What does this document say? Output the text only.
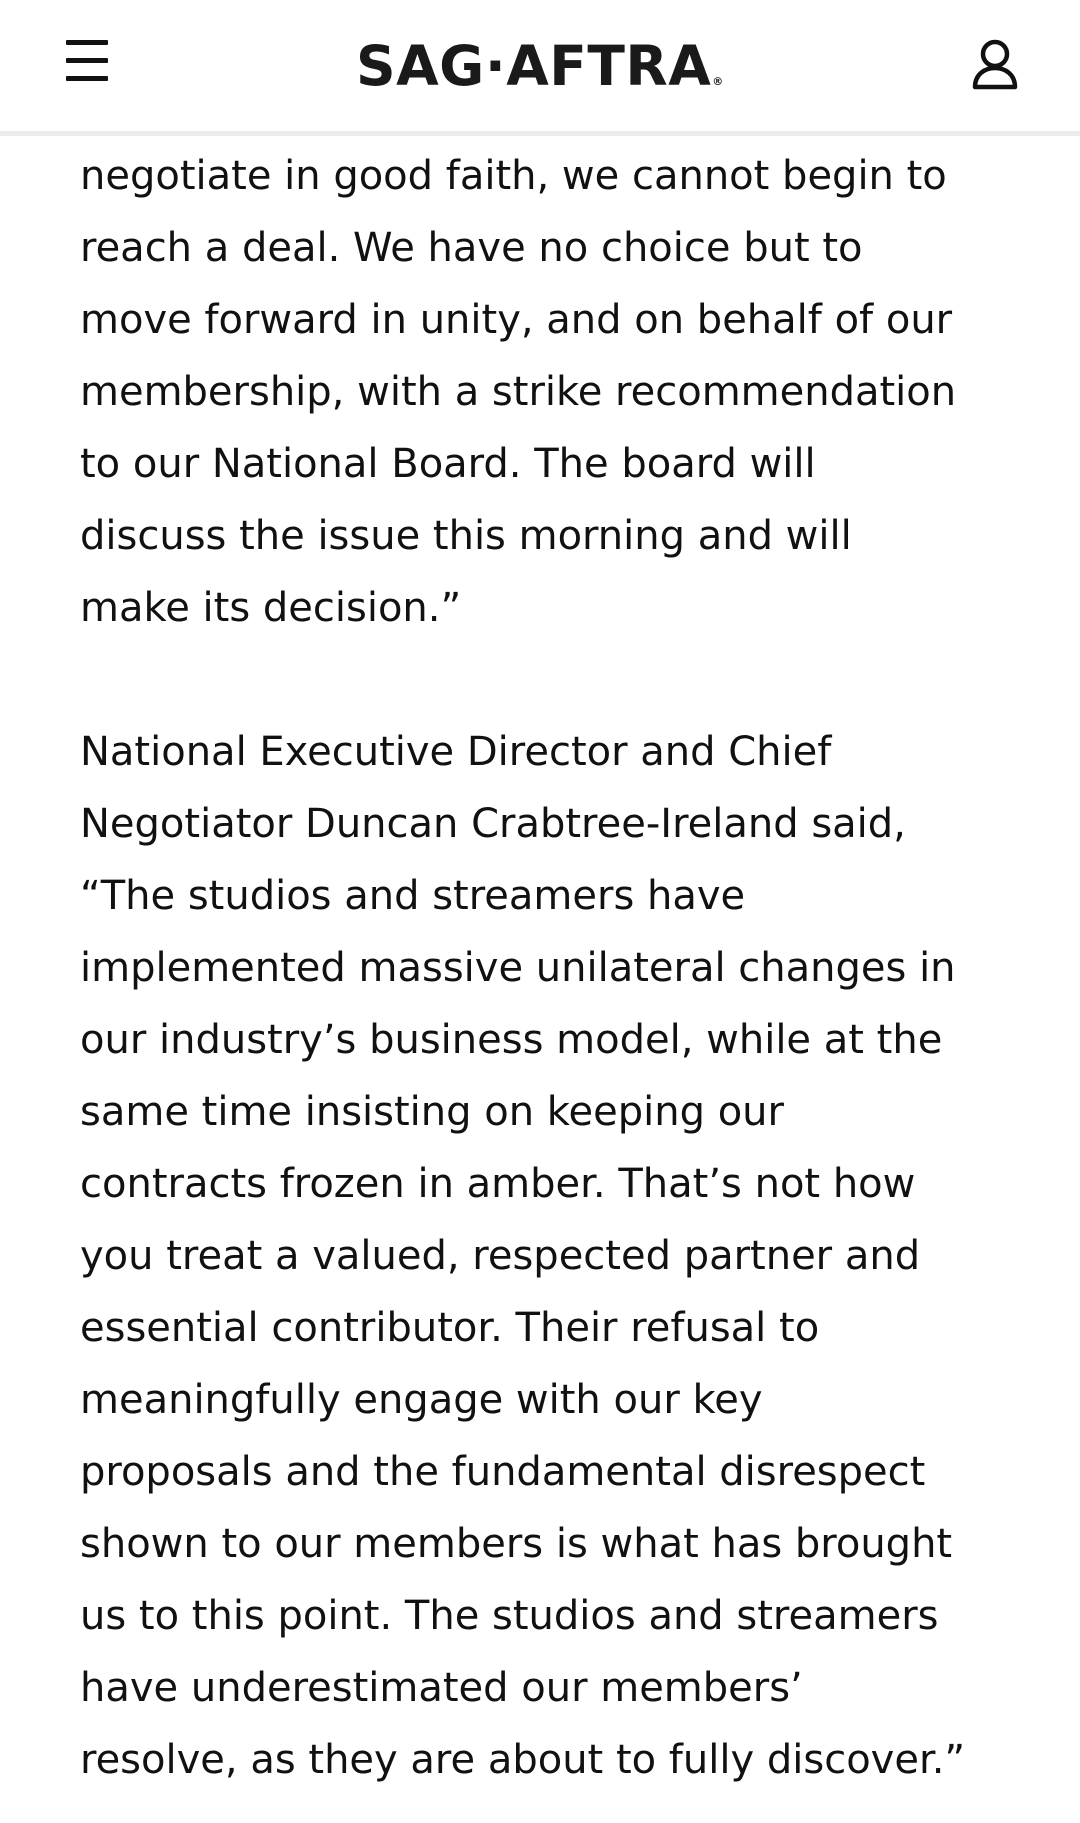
SAG·AFTRA®

negotiate in good faith, we cannot begin to
reach a deal. We have no choice but to
move forward in unity, and on behalf of our
membership, with a strike recommendation
to our National Board. The board will
discuss the issue this morning and will
make its decision.”

National Executive Director and Chief
Negotiator Duncan Crabtree-Ireland said,
“The studios and streamers have
implemented massive unilateral changes in
our industry’s business model, while at the
same time insisting on keeping our
contracts frozen in amber. That’s not how
you treat a valued, respected partner and
essential contributor. Their refusal to
meaningfully engage with our key
proposals and the fundamental disrespect
shown to our members is what has brought
us to this point. The studios and streamers
have underestimated our members’
resolve, as they are about to fully discover.”
